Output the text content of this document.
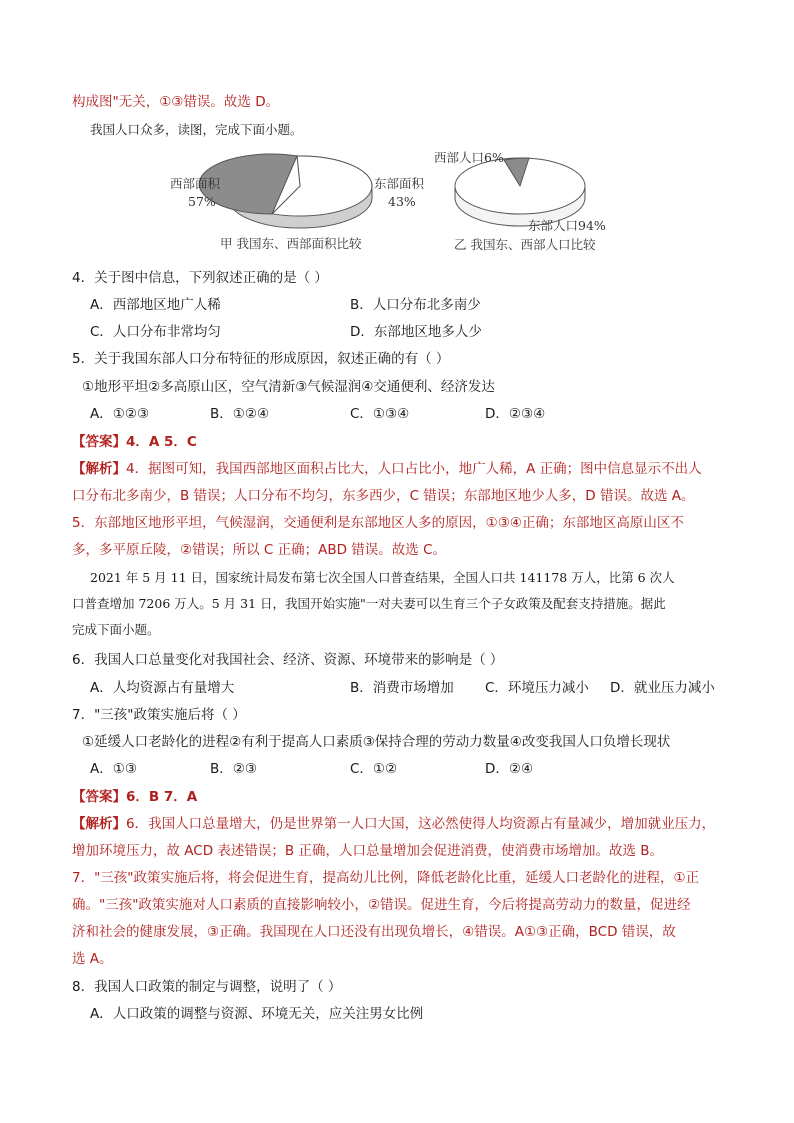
构成图"无关，①③错误。故选 D。
我国人口众多，读图，完成下面小题。
西部面积
57%
东部面积
43%
甲 我国东、西部面积比较
西部人口6%
东部人口94%
乙 我国东、西部人口比较
4．关于图中信息，下列叙述正确的是（ ）
A．西部地区地广人稀	B．人口分布北多南少
C．人口分布非常均匀	D．东部地区地多人少
5．关于我国东部人口分布特征的形成原因，叙述正确的有（ ）
①地形平坦②多高原山区，空气清新③气候湿润④交通便利、经济发达
A．①②③	B．①②④	C．①③④	D．②③④
【答案】4．A 5．C
【解析】4．据图可知，我国西部地区面积占比大，人口占比小，地广人稀，A 正确；图中信息显示不出人
口分布北多南少，B 错误；人口分布不均匀，东多西少，C 错误；东部地区地少人多，D 错误。故选 A。
5．东部地区地形平坦，气候湿润，交通便利是东部地区人多的原因，①③④正确；东部地区高原山区不
多，多平原丘陵，②错误；所以 C 正确；ABD 错误。故选 C。
2021 年 5 月 11 日，国家统计局发布第七次全国人口普查结果，全国人口共 141178 万人，比第 6 次人
口普查增加 7206 万人。5 月 31 日，我国开始实施"一对夫妻可以生育三个子女政策及配套支持措施。据此
完成下面小题。
6．我国人口总量变化对我国社会、经济、资源、环境带来的影响是（ ）
A．人均资源占有量增大	B．消费市场增加 C．环境压力减小 D．就业压力减小
7．"三孩"政策实施后将（ ）
①延缓人口老龄化的进程②有利于提高人口素质③保持合理的劳动力数量④改变我国人口负增长现状
A．①③	B．②③	C．①②	D．②④
【答案】6．B 7．A
【解析】6．我国人口总量增大，仍是世界第一人口大国，这必然使得人均资源占有量减少，增加就业压力，
增加环境压力，故 ACD 表述错误；B 正确，人口总量增加会促进消费，使消费市场增加。故选 B。
7．"三孩"政策实施后将，将会促进生育，提高幼儿比例，降低老龄化比重，延缓人口老龄化的进程，①正
确。"三孩"政策实施对人口素质的直接影响较小，②错误。促进生育，今后将提高劳动力的数量，促进经
济和社会的健康发展，③正确。我国现在人口还没有出现负增长，④错误。A①③正确，BCD 错误，故
选 A。
8．我国人口政策的制定与调整，说明了（ ）
A．人口政策的调整与资源、环境无关，应关注男女比例
